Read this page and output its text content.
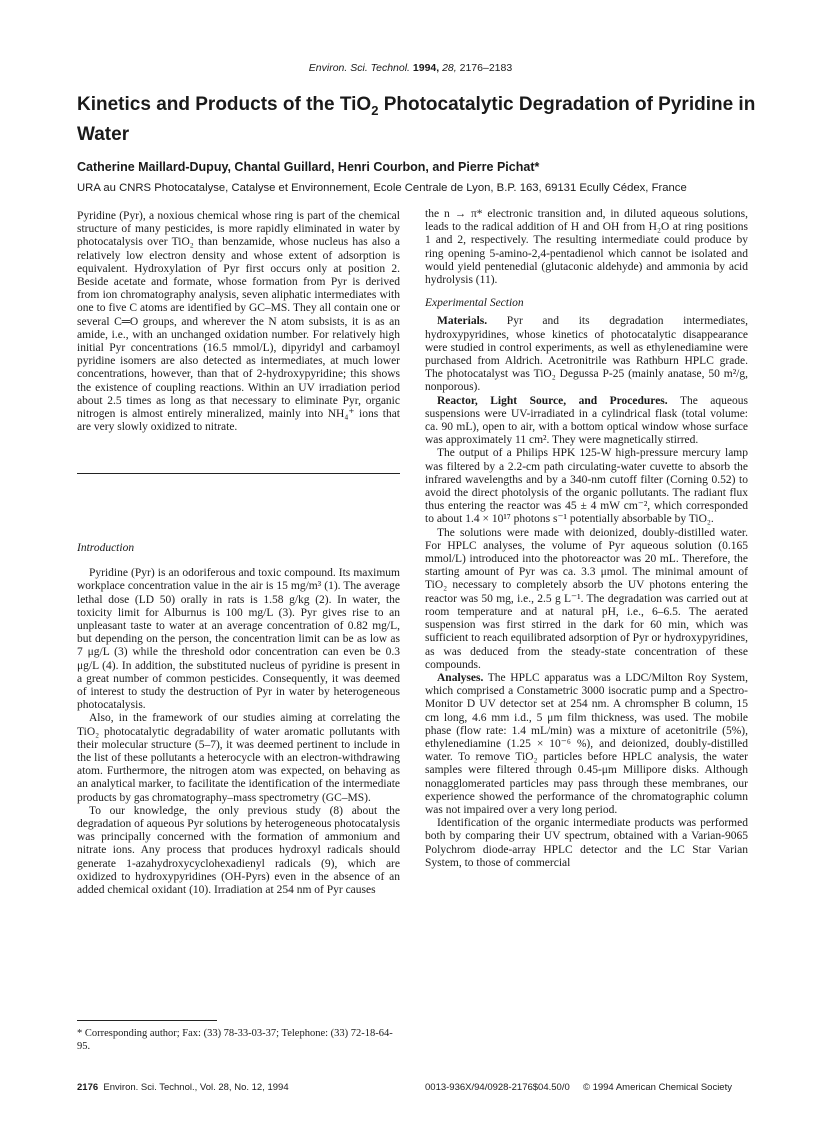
Environ. Sci. Technol. 1994, 28, 2176–2183
Kinetics and Products of the TiO$_2$ Photocatalytic Degradation of Pyridine in Water
Catherine Maillard-Dupuy, Chantal Guillard, Henri Courbon, and Pierre Pichat*
URA au CNRS Photocatalyse, Catalyse et Environnement, Ecole Centrale de Lyon, B.P. 163, 69131 Ecully Cédex, France

Pyridine (Pyr), a noxious chemical whose ring is part of the chemical structure of many pesticides, is more rapidly eliminated in water by photocatalysis over TiO₂ than benzamide, whose nucleus has also a relatively low electron density and whose extent of adsorption is equivalent. Hydroxylation of Pyr first occurs only at position 2. Beside acetate and formate, whose formation from Pyr is derived from ion chromatography analysis, seven aliphatic intermediates with one to five C atoms are identified by GC–MS. They all contain one or several C═O groups, and wherever the N atom subsists, it is as an amide, i.e., with an unchanged oxidation number. For relatively high initial Pyr concentrations (16.5 mmol/L), dipyridyl and carbamoyl pyridine isomers are also detected as intermediates, at much lower concentrations, however, than that of 2-hydroxypyridine; this shows the existence of coupling reactions. Within an UV irradiation period about 2.5 times as long as that necessary to eliminate Pyr, organic nitrogen is almost entirely mineralized, mainly into NH₄⁺ ions that are very slowly oxidized to nitrate.

Introduction

Pyridine (Pyr) is an odoriferous and toxic compound. Its maximum workplace concentration value in the air is 15 mg/m³ (1). The average lethal dose (LD 50) orally in rats is 1.58 g/kg (2). In water, the toxicity limit for Alburnus is 100 mg/L (3). Pyr gives rise to an unpleasant taste to water at an average concentration of 0.82 mg/L, but depending on the person, the concentration limit can be as low as 7 μg/L (3) while the threshold odor concentration can even be 0.3 μg/L (4). In addition, the substituted nucleus of pyridine is present in a great number of common pesticides. Consequently, it was deemed of interest to study the destruction of Pyr in water by heterogeneous photocatalysis.

Also, in the framework of our studies aiming at correlating the TiO₂ photocatalytic degradability of water aromatic pollutants with their molecular structure (5–7), it was deemed pertinent to include in the list of these pollutants a heterocycle with an electron-withdrawing atom. Furthermore, the nitrogen atom was expected, on behaving as an analytical marker, to facilitate the identification of the intermediate products by gas chromatography–mass spectrometry (GC–MS).

To our knowledge, the only previous study (8) about the degradation of aqueous Pyr solutions by heterogeneous photocatalysis was principally concerned with the formation of ammonium and nitrate ions. Any process that produces hydroxyl radicals should generate 1-azahydroxycyclohexadienyl radicals (9), which are oxidized to hydroxypyridines (OH-Pyrs) even in the absence of an added chemical oxidant (10). Irradiation at 254 nm of Pyr causes

* Corresponding author; Fax: (33) 78-33-03-37; Telephone: (33) 72-18-64-95.

the n → π* electronic transition and, in diluted aqueous solutions, leads to the radical addition of H and OH from H₂O at ring positions 1 and 2, respectively. The resulting intermediate could produce by ring opening 5-amino-2,4-pentadienol which cannot be isolated and would yield pentenedial (glutaconic aldehyde) and ammonia by acid hydrolysis (11).

Experimental Section

Materials. Pyr and its degradation intermediates, hydroxypyridines, whose kinetics of photocatalytic disappearance were studied in control experiments, as well as ethylenediamine were purchased from Aldrich. Acetronitrile was Rathburn HPLC grade. The photocatalyst was TiO₂ Degussa P-25 (mainly anatase, 50 m²/g, nonporous).

Reactor, Light Source, and Procedures. The aqueous suspensions were UV-irradiated in a cylindrical flask (total volume: ca. 90 mL), open to air, with a bottom optical window whose surface was approximately 11 cm². They were magnetically stirred.

The output of a Philips HPK 125-W high-pressure mercury lamp was filtered by a 2.2-cm path circulating-water cuvette to absorb the infrared wavelengths and by a 340-nm cutoff filter (Corning 0.52) to avoid the direct photolysis of the organic pollutants. The radiant flux thus entering the reactor was 45 ± 4 mW cm⁻², which corresponded to about 1.4 × 10¹⁷ photons s⁻¹ potentially absorbable by TiO₂.

The solutions were made with deionized, doubly-distilled water. For HPLC analyses, the volume of Pyr aqueous solution (0.165 mmol/L) introduced into the photoreactor was 20 mL. Therefore, the starting amount of Pyr was ca. 3.3 μmol. The minimal amount of TiO₂ necessary to completely absorb the UV photons entering the reactor was 50 mg, i.e., 2.5 g L⁻¹. The degradation was carried out at room temperature and at natural pH, i.e., 6–6.5. The aerated suspension was first stirred in the dark for 60 min, which was sufficient to reach equilibrated adsorption of Pyr or hydroxypyridines, as was deduced from the steady-state concentration of these compounds.

Analyses. The HPLC apparatus was a LDC/Milton Roy System, which comprised a Constametric 3000 isocratic pump and a Spectro-Monitor D UV detector set at 254 nm. A chromspher B column, 15 cm long, 4.6 mm i.d., 5 μm film thickness, was used. The mobile phase (flow rate: 1.4 mL/min) was a mixture of acetonitrile (5%), ethylenediamine (1.25 × 10⁻⁶ %), and deionized, doubly-distilled water. To remove TiO₂ particles before HPLC analysis, the water samples were filtered through 0.45-μm Millipore disks. Although nonagglomerated particles may pass through these membranes, our experience showed the performance of the chromatographic column was not impaired over a very long period.

Identification of the organic intermediate products was performed both by comparing their UV spectrum, obtained with a Varian-9065 Polychrom diode-array HPLC detector and the LC Star Varian System, to those of commercial

2176 Environ. Sci. Technol., Vol. 28, No. 12, 1994	0013-936X/94/0928-2176$04.50/0     © 1994 American Chemical Society
